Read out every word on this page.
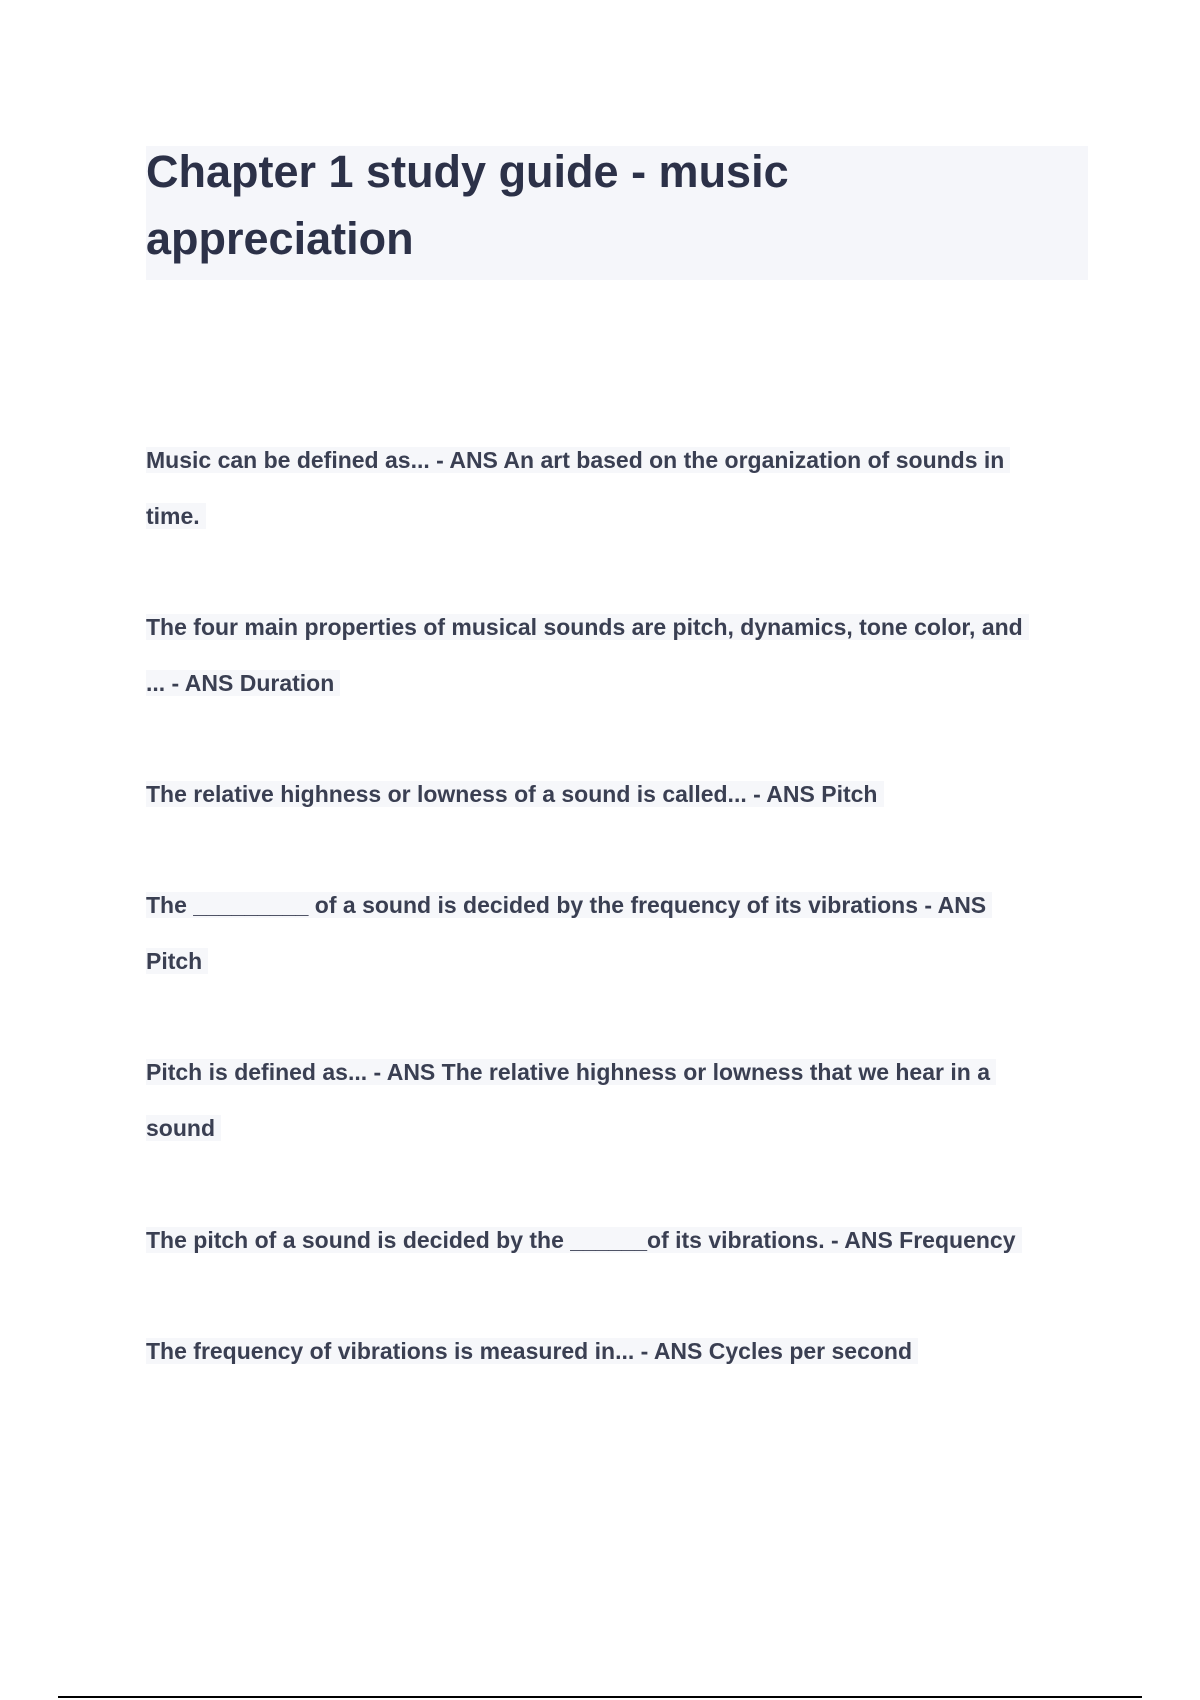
Chapter 1 study guide - music appreciation

Music can be defined as... - ANS An art based on the organization of sounds in
time.

The four main properties of musical sounds are pitch, dynamics, tone color, and
... - ANS Duration

The relative highness or lowness of a sound is called... - ANS Pitch

The _________ of a sound is decided by the frequency of its vibrations - ANS
Pitch

Pitch is defined as... - ANS The relative highness or lowness that we hear in a
sound

The pitch of a sound is decided by the ______of its vibrations. - ANS Frequency

The frequency of vibrations is measured in... - ANS Cycles per second
